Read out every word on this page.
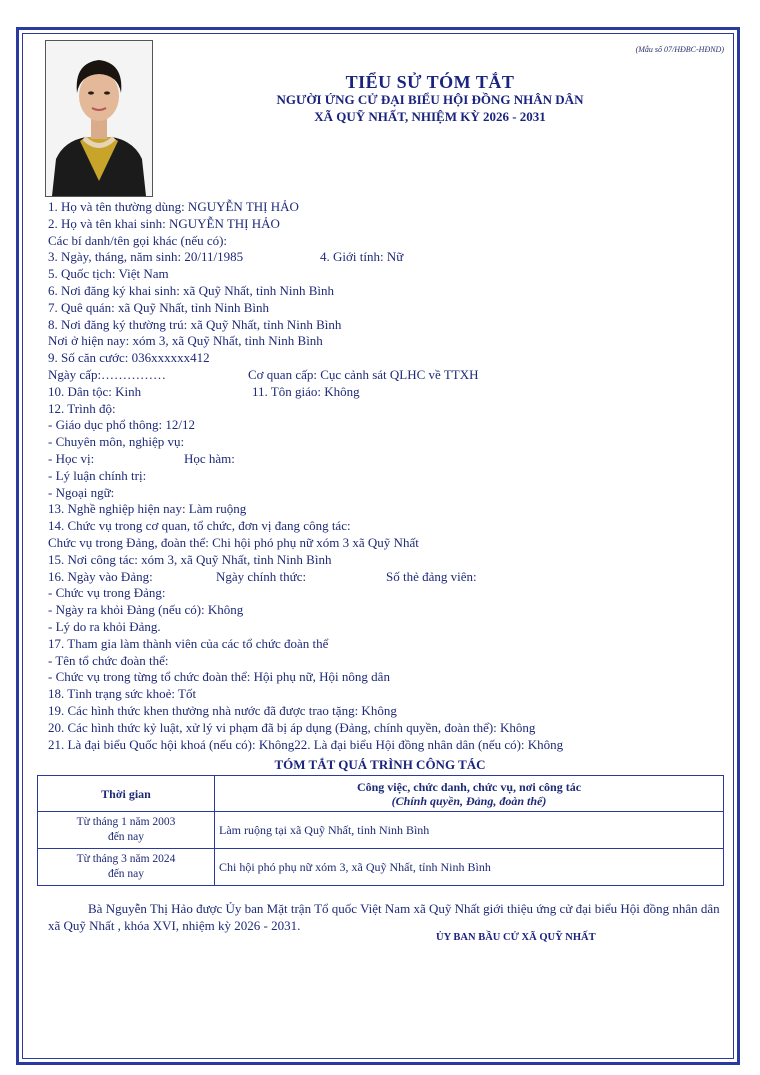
(Mẫu số 07/HĐBC-HĐND)
TIỂU SỬ TÓM TẮT
NGƯỜI ỨNG CỬ ĐẠI BIỂU HỘI ĐỒNG NHÂN DÂN
XÃ QUỸ NHẤT, NHIỆM KỲ 2026 - 2031
1. Họ và tên thường dùng: NGUYỄN THỊ HẢO
2. Họ và tên khai sinh: NGUYỄN THỊ HẢO
Các bí danh/tên gọi khác (nếu có):
3. Ngày, tháng, năm sinh: 20/11/1985	4. Giới tính: Nữ
5. Quốc tịch: Việt Nam
6. Nơi đăng ký khai sinh: xã Quỹ Nhất, tỉnh Ninh Bình
7. Quê quán: xã Quỹ Nhất, tỉnh Ninh Bình
8. Nơi đăng ký thường trú: xã Quỹ Nhất, tỉnh Ninh Bình
Nơi ở hiện nay: xóm 3, xã Quỹ Nhất, tỉnh Ninh Bình
9. Số căn cước: 036xxxxxx412
Ngày cấp:……………	Cơ quan cấp: Cục cảnh sát QLHC về TTXH
10. Dân tộc: Kinh	11. Tôn giáo: Không
12. Trình độ:
- Giáo dục phổ thông: 12/12
- Chuyên môn, nghiệp vụ:
- Học vị:	Học hàm:
- Lý luận chính trị:
- Ngoại ngữ:
13. Nghề nghiệp hiện nay: Làm ruộng
14. Chức vụ trong cơ quan, tổ chức, đơn vị đang công tác:
Chức vụ trong Đảng, đoàn thể: Chi hội phó phụ nữ xóm 3 xã Quỹ Nhất
15. Nơi công tác: xóm 3, xã Quỹ Nhất, tỉnh Ninh Bình
16. Ngày vào Đảng:	Ngày chính thức:	Số thẻ đảng viên:
- Chức vụ trong Đảng:
- Ngày ra khỏi Đảng (nếu có): Không
- Lý do ra khỏi Đảng.
17. Tham gia làm thành viên của các tổ chức đoàn thể
- Tên tổ chức đoàn thể:
- Chức vụ trong từng tổ chức đoàn thể: Hội phụ nữ, Hội nông dân
18. Tình trạng sức khoẻ: Tốt
19. Các hình thức khen thưởng nhà nước đã được trao tặng: Không
20. Các hình thức kỷ luật, xử lý vi phạm đã bị áp dụng (Đảng, chính quyền, đoàn thể): Không
21. Là đại biểu Quốc hội khoá (nếu có): Không22. Là đại biểu Hội đồng nhân dân (nếu có): Không
TÓM TẮT QUÁ TRÌNH CÔNG TÁC
Thời gian	Công việc, chức danh, chức vụ, nơi công tác
(Chính quyền, Đảng, đoàn thể)

Từ tháng 1 năm 2003
đến nay	Làm ruộng tại xã Quỹ Nhất, tỉnh Ninh Bình

Từ tháng 3 năm 2024
đến nay	Chi hội phó phụ nữ xóm 3, xã Quỹ Nhất, tỉnh Ninh Bình
Bà Nguyễn Thị Hảo được Ủy ban Mặt trận Tổ quốc Việt Nam xã Quỹ Nhất giới thiệu ứng cử đại biểu Hội đồng nhân dân xã Quỹ Nhất , khóa XVI, nhiệm kỳ 2026 - 2031.
ỦY BAN BẦU CỬ XÃ QUỸ NHẤT
